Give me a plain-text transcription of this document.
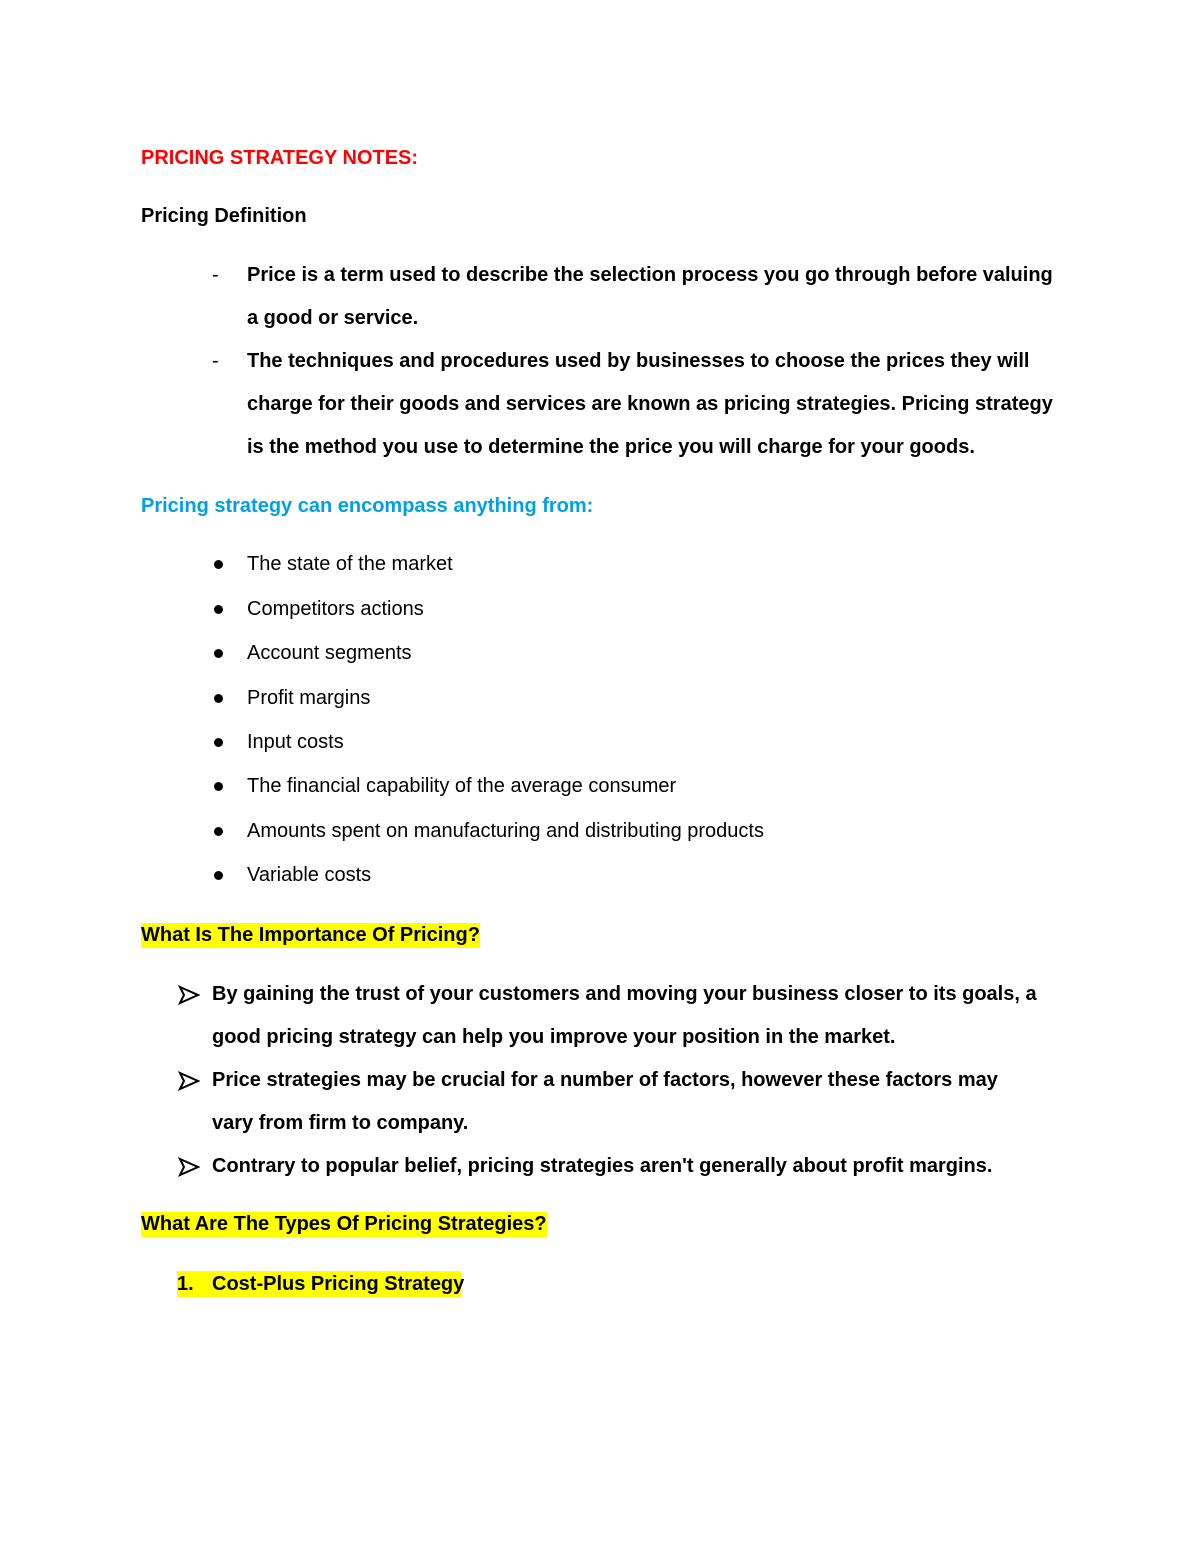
PRICING STRATEGY NOTES:
Pricing Definition
- Price is a term used to describe the selection process you go through before valuing
a good or service.
- The techniques and procedures used by businesses to choose the prices they will
charge for their goods and services are known as pricing strategies. Pricing strategy
is the method you use to determine the price you will charge for your goods.
Pricing strategy can encompass anything from:
The state of the market
Competitors actions
Account segments
Profit margins
Input costs
The financial capability of the average consumer
Amounts spent on manufacturing and distributing products
Variable costs
What Is The Importance Of Pricing?
By gaining the trust of your customers and moving your business closer to its goals, a
good pricing strategy can help you improve your position in the market.
Price strategies may be crucial for a number of factors, however these factors may
vary from firm to company.
Contrary to popular belief, pricing strategies aren't generally about profit margins.
What Are The Types Of Pricing Strategies?
1. Cost-Plus Pricing Strategy
